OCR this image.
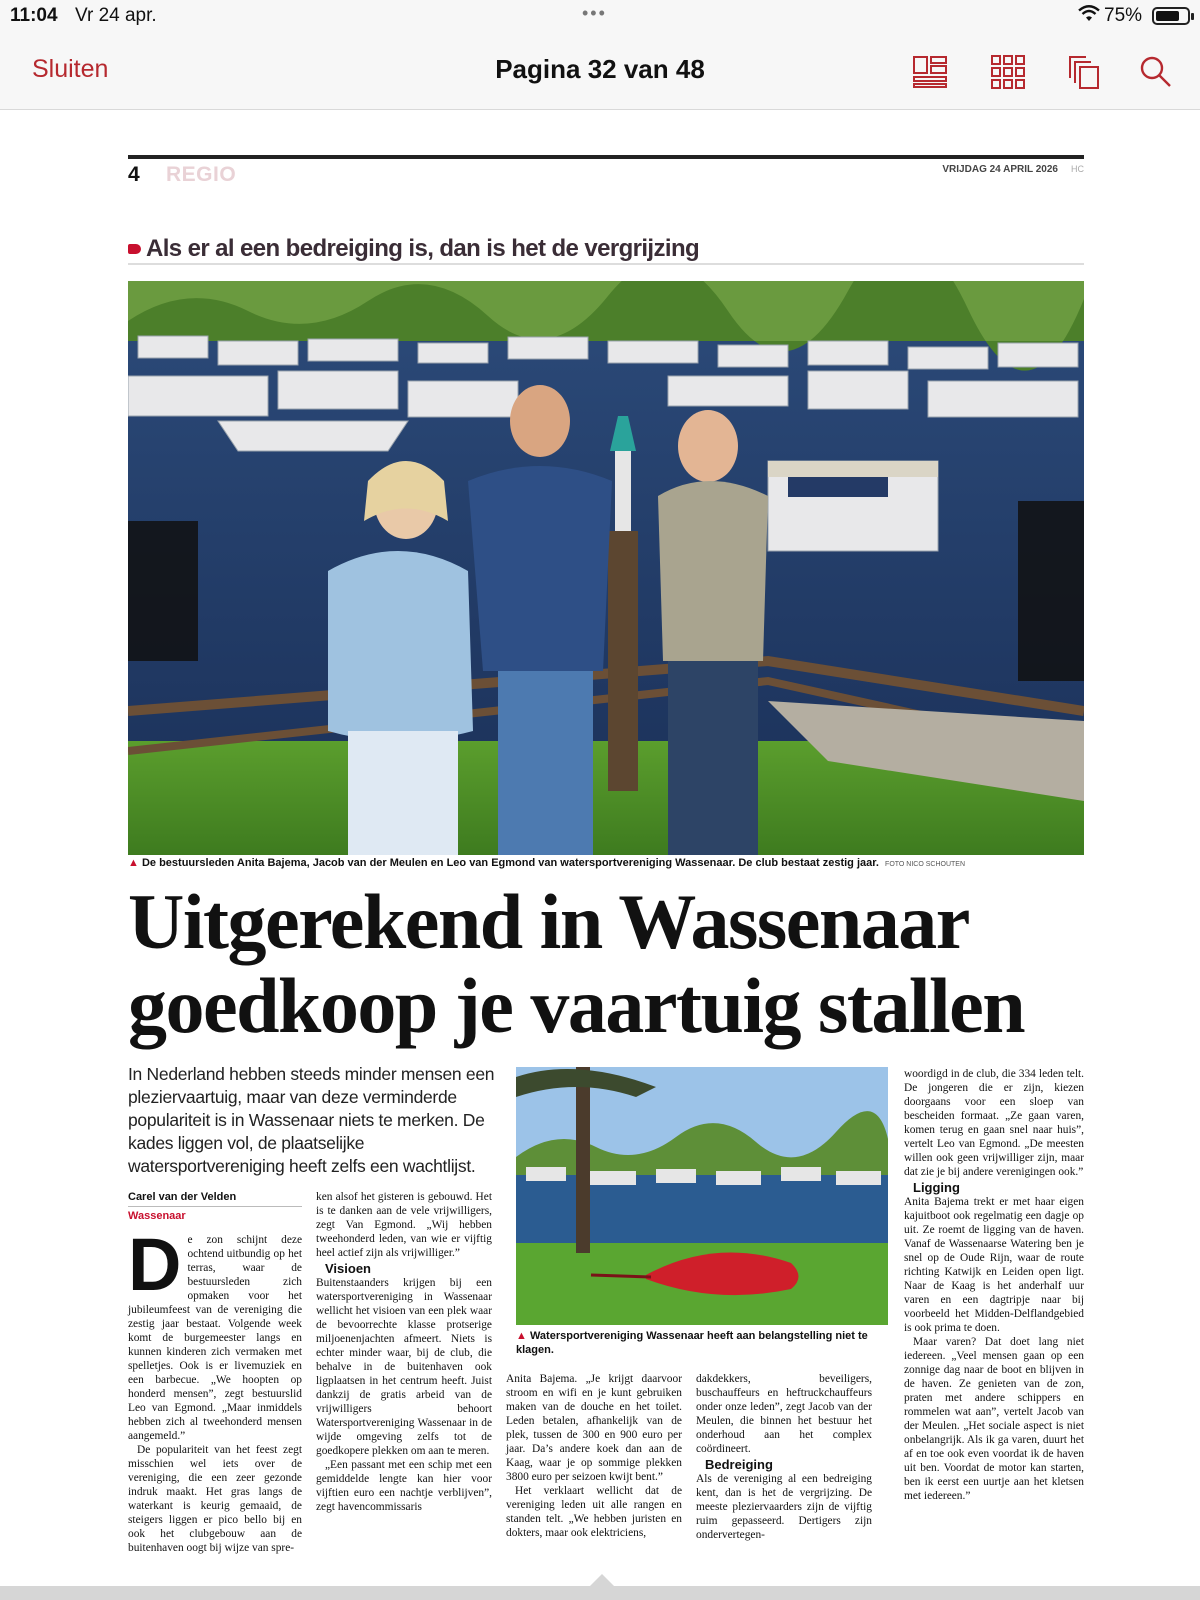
11:04 Vr 24 apr.	•••	75%
Sluiten	Pagina 32 van 48
4 REGIO	VRIJDAG 24 APRIL 2026 HC
Als er al een bedreiging is, dan is het de vergrijzing
▲ De bestuursleden Anita Bajema, Jacob van der Meulen en Leo van Egmond van watersportvereniging Wassenaar. De club bestaat zestig jaar. FOTO NICO SCHOUTEN
Uitgerekend in Wassenaar
goedkoop je vaartuig stallen

In Nederland hebben steeds minder mensen een pleziervaartuig, maar van deze verminderde populariteit is in Wassenaar niets te merken. De kades liggen vol, de plaatselijke watersportvereniging heeft zelfs een wachtlijst.

Carel van der Velden
Wassenaar
D e zon schijnt deze ochtend uitbundig op het terras, waar de bestuursleden zich opmaken voor het jubileumfeest van de vereniging die zestig jaar bestaat. Volgende week komt de burgemeester langs en kunnen kinderen zich vermaken met spelletjes. Ook is er livemuziek en een barbecue. „We hoopten op honderd mensen”, zegt bestuurslid Leo van Egmond. „Maar inmiddels hebben zich al tweehonderd mensen aangemeld.”

De populariteit van het feest zegt misschien wel iets over de vereniging, die een zeer gezonde indruk maakt. Het gras langs de waterkant is keurig gemaaid, de steigers liggen er pico bello bij en ook het clubgebouw aan de buitenhaven oogt bij wijze van spre-

ken alsof het gisteren is gebouwd. Het is te danken aan de vele vrijwilligers, zegt Van Egmond. „Wij hebben tweehonderd leden, van wie er vijftig heel actief zijn als vrijwilliger.”

Visioen

Buitenstaanders krijgen bij een watersportvereniging in Wassenaar wellicht het visioen van een plek waar de bevoorrechte klasse protserige miljoenenjachten afmeert. Niets is echter minder waar, bij de club, die behalve in de buitenhaven ook ligplaatsen in het centrum heeft. Juist dankzij de gratis arbeid van de vrijwilligers behoort Watersportvereniging Wassenaar in de wijde omgeving zelfs tot de goedkopere plekken om aan te meren.

„Een passant met een schip met een gemiddelde lengte kan hier voor vijftien euro een nachtje verblijven”, zegt havencommissaris

▲ Watersportvereniging Wassenaar heeft aan belangstelling niet te klagen.

Anita Bajema. „Je krijgt daarvoor stroom en wifi en je kunt gebruiken maken van de douche en het toilet. Leden betalen, afhankelijk van de plek, tussen de 300 en 900 euro per jaar. Da’s andere koek dan aan de Kaag, waar je op sommige plekken 3800 euro per seizoen kwijt bent.”

Het verklaart wellicht dat de vereniging leden uit alle rangen en standen telt. „We hebben juristen en dokters, maar ook elektriciens,

dakdekkers, beveiligers, buschauffeurs en heftruckchauffeurs onder onze leden”, zegt Jacob van der Meulen, die binnen het bestuur het onderhoud aan het complex coördineert.

Bedreiging

Als de vereniging al een bedreiging kent, dan is het de vergrijzing. De meeste pleziervaarders zijn de vijftig ruim gepasseerd. Dertigers zijn ondervertegen-

woordigd in de club, die 334 leden telt. De jongeren die er zijn, kiezen doorgaans voor een sloep van bescheiden formaat. „Ze gaan varen, komen terug en gaan snel naar huis”, vertelt Leo van Egmond. „De meesten willen ook geen vrijwilliger zijn, maar dat zie je bij andere verenigingen ook.”

Ligging

Anita Bajema trekt er met haar eigen kajuitboot ook regelmatig een dagje op uit. Ze roemt de ligging van de haven. Vanaf de Wassenaarse Watering ben je snel op de Oude Rijn, waar de route richting Katwijk en Leiden open ligt. Naar de Kaag is het anderhalf uur varen en een dagtripje naar bij voorbeeld het Midden-Delflandgebied is ook prima te doen.

Maar varen? Dat doet lang niet iedereen. „Veel mensen gaan op een zonnige dag naar de boot en blijven in de haven. Ze genieten van de zon, praten met andere schippers en rommelen wat aan”, vertelt Jacob van der Meulen. „Het sociale aspect is niet onbelangrijk. Als ik ga varen, duurt het af en toe ook even voordat ik de haven uit ben. Voordat de motor kan starten, ben ik eerst een uurtje aan het kletsen met iedereen.”
